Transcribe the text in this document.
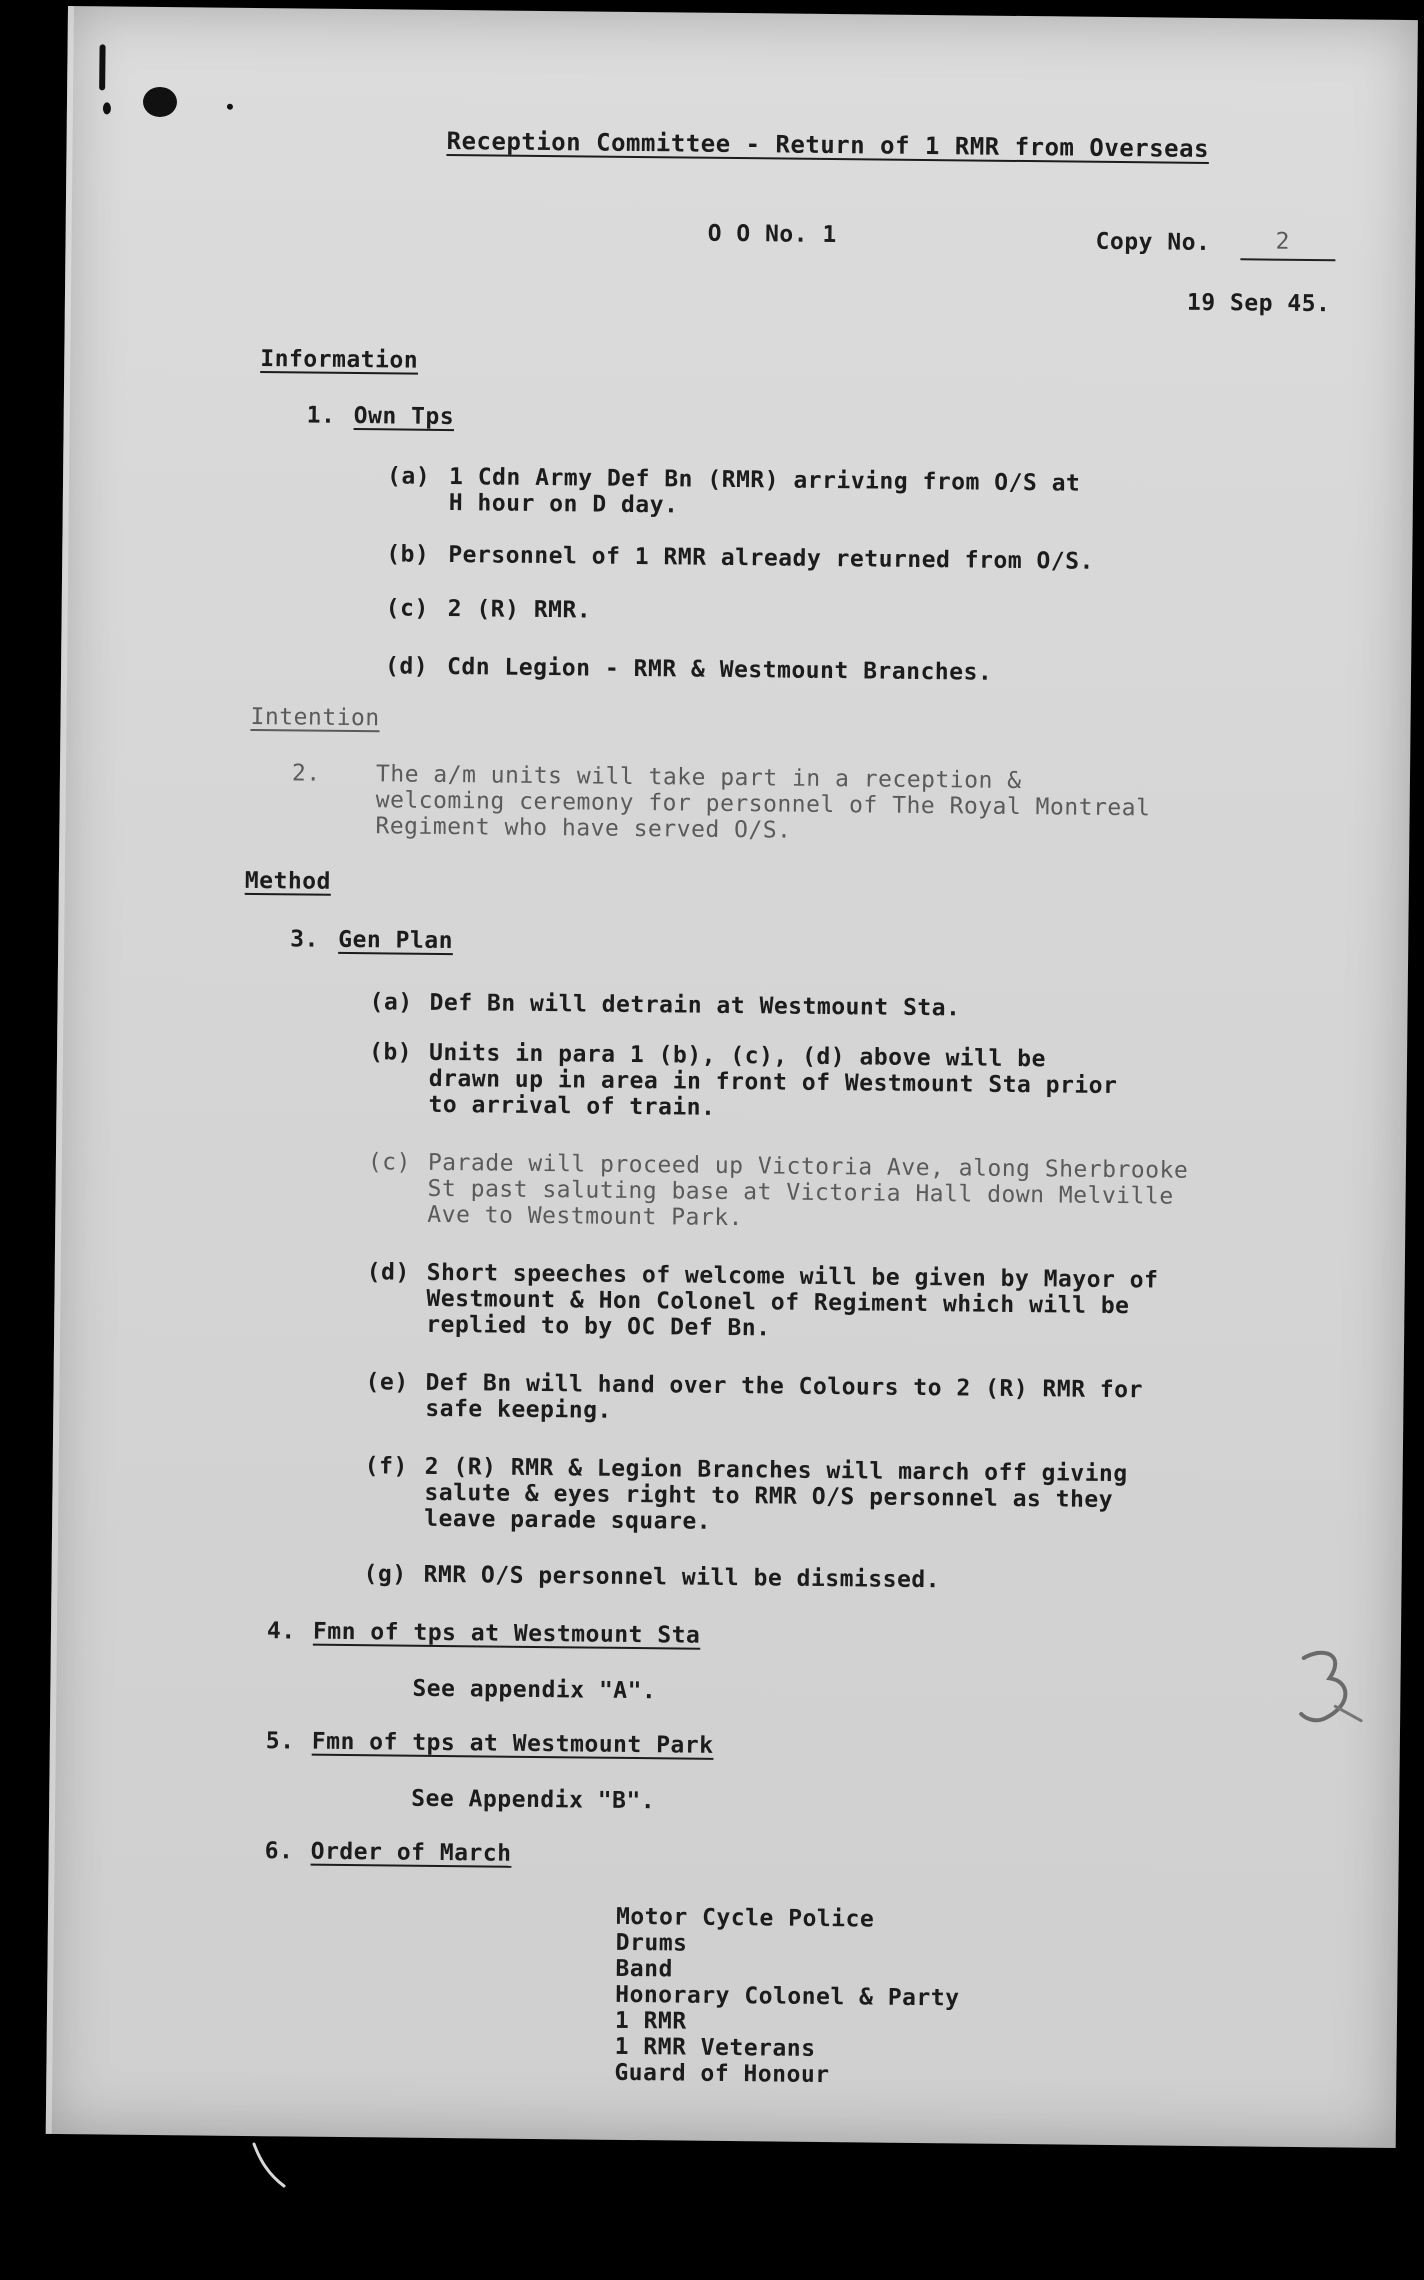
Reception Committee - Return of 1 RMR from Overseas
O O No. 1	Copy No.	2
19 Sep 45.
Information
1. Own Tps
(a) 1 Cdn Army Def Bn (RMR) arriving from O/S at
H hour on D day.
(b) Personnel of 1 RMR already returned from O/S.
(c) 2 (R) RMR.
(d) Cdn Legion - RMR & Westmount Branches.
Intention
2. The a/m units will take part in a reception &
welcoming ceremony for personnel of The Royal Montreal
Regiment who have served O/S.
Method
3. Gen Plan
(a) Def Bn will detrain at Westmount Sta.
(b) Units in para 1 (b), (c), (d) above will be
drawn up in area in front of Westmount Sta prior
to arrival of train.
(c) Parade will proceed up Victoria Ave, along Sherbrooke
St past saluting base at Victoria Hall down Melville
Ave to Westmount Park.
(d) Short speeches of welcome will be given by Mayor of
Westmount & Hon Colonel of Regiment which will be
replied to by OC Def Bn.
(e) Def Bn will hand over the Colours to 2 (R) RMR for
safe keeping.
(f) 2 (R) RMR & Legion Branches will march off giving
salute & eyes right to RMR O/S personnel as they
leave parade square.
(g) RMR O/S personnel will be dismissed.
4. Fmn of tps at Westmount Sta
See appendix "A".
5. Fmn of tps at Westmount Park
See Appendix "B".
6. Order of March
Motor Cycle Police
Drums
Band
Honorary Colonel & Party
1 RMR
1 RMR Veterans
Guard of Honour
